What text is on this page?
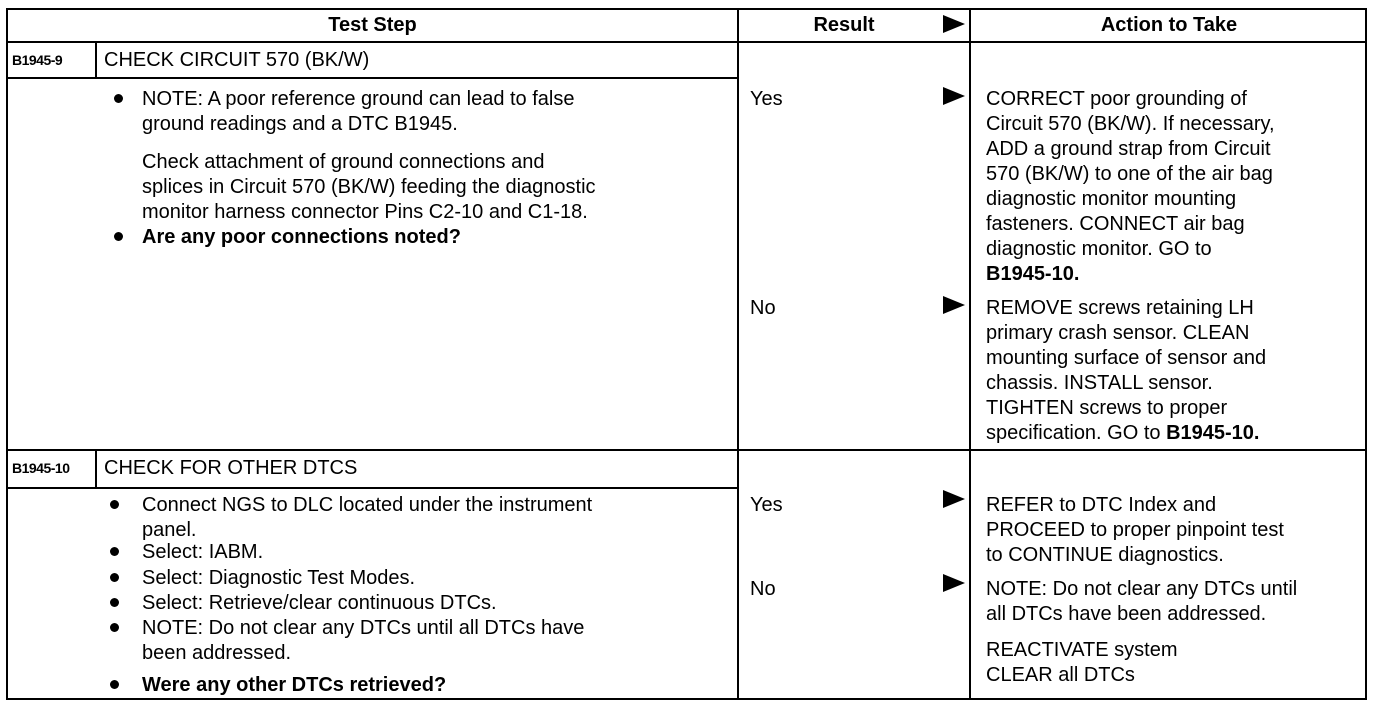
Test Step	Result	Action to Take
B1945-9 CHECK CIRCUIT 570 (BK/W)
NOTE: A poor reference ground can lead to false
ground readings and a DTC B1945.
Check attachment of ground connections and
splices in Circuit 570 (BK/W) feeding the diagnostic
monitor harness connector Pins C2-10 and C1-18.
Are any poor connections noted?
Yes	CORRECT poor grounding of
Circuit 570 (BK/W). If necessary,
ADD a ground strap from Circuit
570 (BK/W) to one of the air bag
diagnostic monitor mounting
fasteners. CONNECT air bag
diagnostic monitor. GO to
B1945-10.
No	REMOVE screws retaining LH
primary crash sensor. CLEAN
mounting surface of sensor and
chassis. INSTALL sensor.
TIGHTEN screws to proper
specification. GO to B1945-10.
B1945-10 CHECK FOR OTHER DTCS
Connect NGS to DLC located under the instrument
panel.
Select: IABM.
Select: Diagnostic Test Modes.
Select: Retrieve/clear continuous DTCs.
NOTE: Do not clear any DTCs until all DTCs have
been addressed.
Were any other DTCs retrieved?
Yes	REFER to DTC Index and
PROCEED to proper pinpoint test
to CONTINUE diagnostics.
No	NOTE: Do not clear any DTCs until
all DTCs have been addressed.
REACTIVATE system
CLEAR all DTCs
